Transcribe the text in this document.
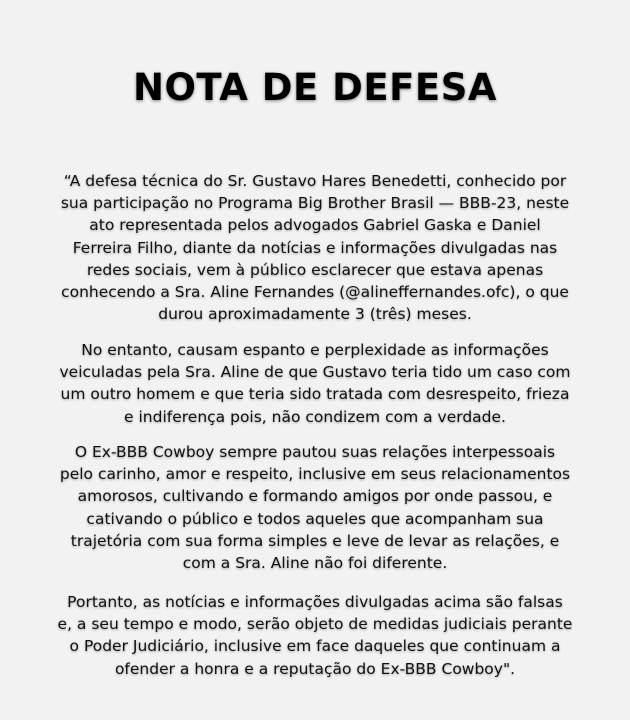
NOTA DE DEFESA
“A defesa técnica do Sr. Gustavo Hares Benedetti, conhecido por
sua participação no Programa Big Brother Brasil — BBB-23, neste
ato representada pelos advogados Gabriel Gaska e Daniel
Ferreira Filho, diante da notícias e informações divulgadas nas
redes sociais, vem à público esclarecer que estava apenas
conhecendo a Sra. Aline Fernandes (@alineffernandes.ofc), o que
durou aproximadamente 3 (três) meses.
No entanto, causam espanto e perplexidade as informações
veiculadas pela Sra. Aline de que Gustavo teria tido um caso com
um outro homem e que teria sido tratada com desrespeito, frieza
e indiferença pois, não condizem com a verdade.
O Ex-BBB Cowboy sempre pautou suas relações interpessoais
pelo carinho, amor e respeito, inclusive em seus relacionamentos
amorosos, cultivando e formando amigos por onde passou, e
cativando o público e todos aqueles que acompanham sua
trajetória com sua forma simples e leve de levar as relações, e
com a Sra. Aline não foi diferente.
Portanto, as notícias e informações divulgadas acima são falsas
e, a seu tempo e modo, serão objeto de medidas judiciais perante
o Poder Judiciário, inclusive em face daqueles que continuam a
ofender a honra e a reputação do Ex-BBB Cowboy".
